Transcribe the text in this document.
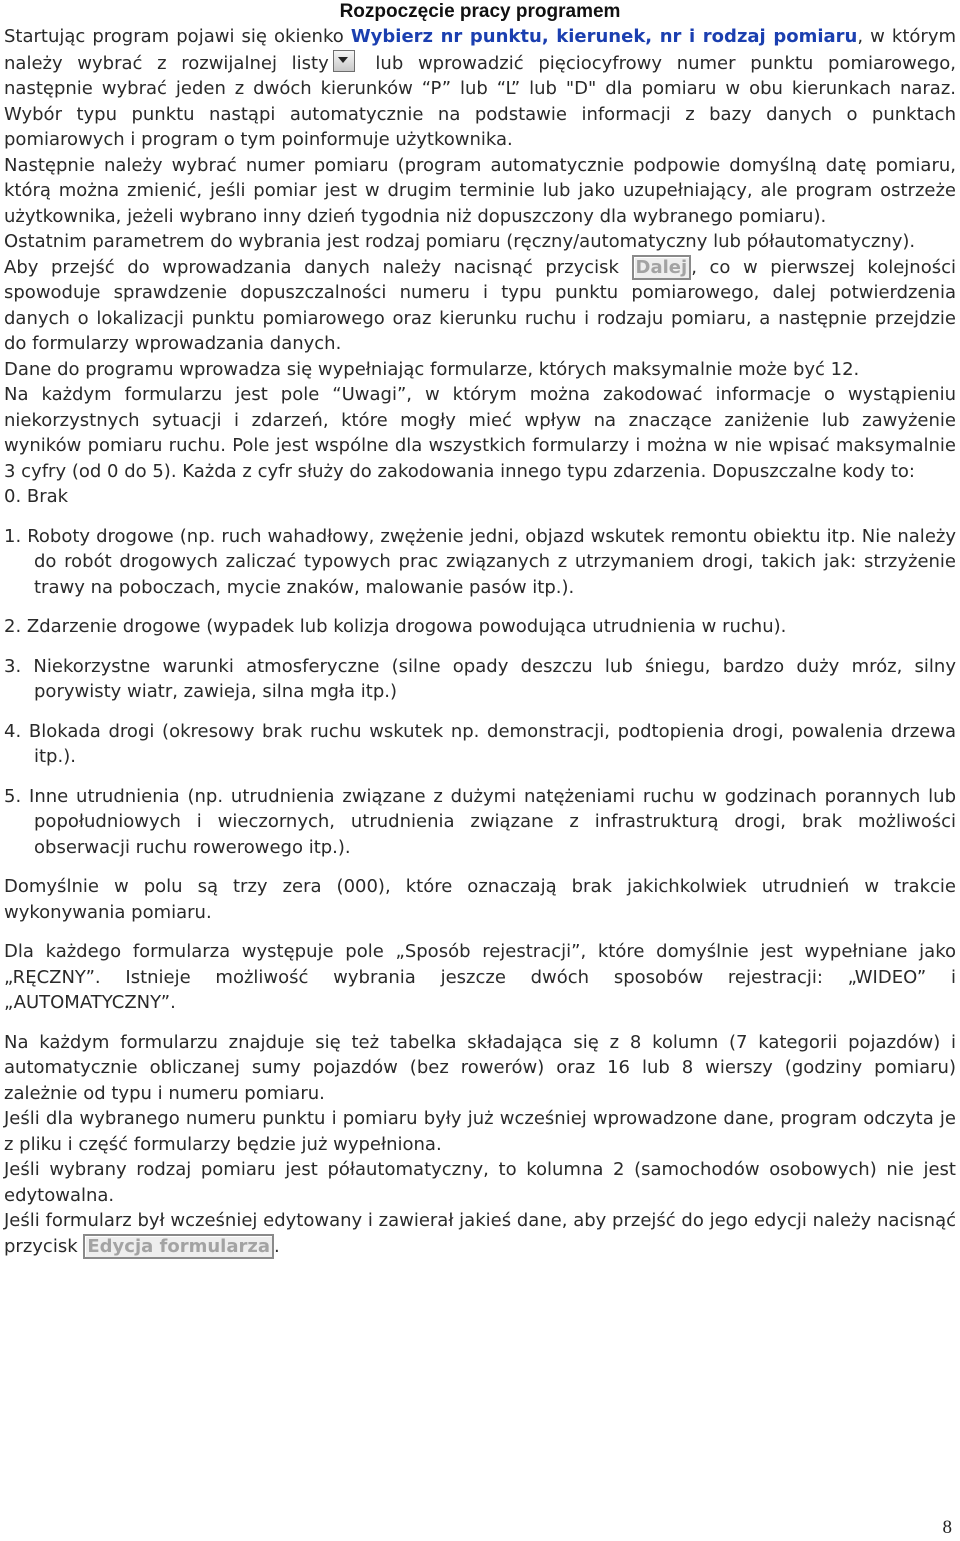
Rozpoczęcie pracy programem

Startując program pojawi się okienko Wybierz nr punktu, kierunek, nr i rodzaj pomiaru, w którym należy wybrać z rozwijalnej listy
lub wprowadzić pięciocyfrowy numer punktu pomiarowego, następnie wybrać jeden z dwóch kierunków “P” lub “L” lub "D" dla pomiaru w obu kierunkach naraz. Wybór typu punktu nastąpi automatycznie na podstawie informacji z bazy danych o punktach pomiarowych i program o tym poinformuje użytkownika.

Następnie należy wybrać numer pomiaru (program automatycznie podpowie domyślną datę pomiaru, którą można zmienić, jeśli pomiar jest w drugim terminie lub jako uzupełniający, ale program ostrzeże użytkownika, jeżeli wybrano inny dzień tygodnia niż dopuszczony dla wybranego pomiaru).

Ostatnim parametrem do wybrania jest rodzaj pomiaru (ręczny/automatyczny lub półautomatyczny).

Aby przejść do wprowadzania danych należy nacisnąć przycisk Dalej , co w pierwszej kolejności spowoduje sprawdzenie dopuszczalności numeru i typu punktu pomiarowego, dalej potwierdzenia danych o lokalizacji punktu pomiarowego oraz kierunku ruchu i rodzaju pomiaru, a następnie przejdzie do formularzy wprowadzania danych.

Dane do programu wprowadza się wypełniając formularze, których maksymalnie może być 12.

Na każdym formularzu jest pole “Uwagi”, w którym można zakodować informacje o wystąpieniu niekorzystnych sytuacji i zdarzeń, które mogły mieć wpływ na znaczące zaniżenie lub zawyżenie wyników pomiaru ruchu. Pole jest wspólne dla wszystkich formularzy i można w nie wpisać maksymalnie 3 cyfry (od 0 do 5). Każda z cyfr służy do zakodowania innego typu zdarzenia. Dopuszczalne kody to:

0. Brak
1. Roboty drogowe (np. ruch wahadłowy, zwężenie jedni, objazd wskutek remontu obiektu itp. Nie należy do robót drogowych zaliczać typowych prac związanych z utrzymaniem drogi, takich jak: strzyżenie trawy na poboczach, mycie znaków, malowanie pasów itp.).
2. Zdarzenie drogowe (wypadek lub kolizja drogowa powodująca utrudnienia w ruchu).
3. Niekorzystne warunki atmosferyczne (silne opady deszczu lub śniegu, bardzo duży mróz, silny porywisty wiatr, zawieja, silna mgła itp.)
4. Blokada drogi (okresowy brak ruchu wskutek np. demonstracji, podtopienia drogi, powalenia drzewa itp.).
5. Inne utrudnienia (np. utrudnienia związane z dużymi natężeniami ruchu w godzinach porannych lub popołudniowych i wieczornych, utrudnienia związane z infrastrukturą drogi, brak możliwości obserwacji ruchu rowerowego itp.).

Domyślnie w polu są trzy zera (000), które oznaczają brak jakichkolwiek utrudnień w trakcie wykonywania pomiaru.

Dla każdego formularza występuje pole „Sposób rejestracji”, które domyślnie jest wypełniane jako „RĘCZNY”. Istnieje możliwość wybrania jeszcze dwóch sposobów rejestracji: „WIDEO” i „AUTOMATYCZNY”.

Na każdym formularzu znajduje się też tabelka składająca się z 8 kolumn (7 kategorii pojazdów) i automatycznie obliczanej sumy pojazdów (bez rowerów) oraz 16 lub 8 wierszy (godziny pomiaru) zależnie od typu i numeru pomiaru.

Jeśli dla wybranego numeru punktu i pomiaru były już wcześniej wprowadzone dane, program odczyta je z pliku i część formularzy będzie już wypełniona.

Jeśli wybrany rodzaj pomiaru jest półautomatyczny, to kolumna 2 (samochodów osobowych) nie jest edytowalna.

Jeśli formularz był wcześniej edytowany i zawierał jakieś dane, aby przejść do jego edycji należy nacisnąć przycisk Edycja formularza .

8
